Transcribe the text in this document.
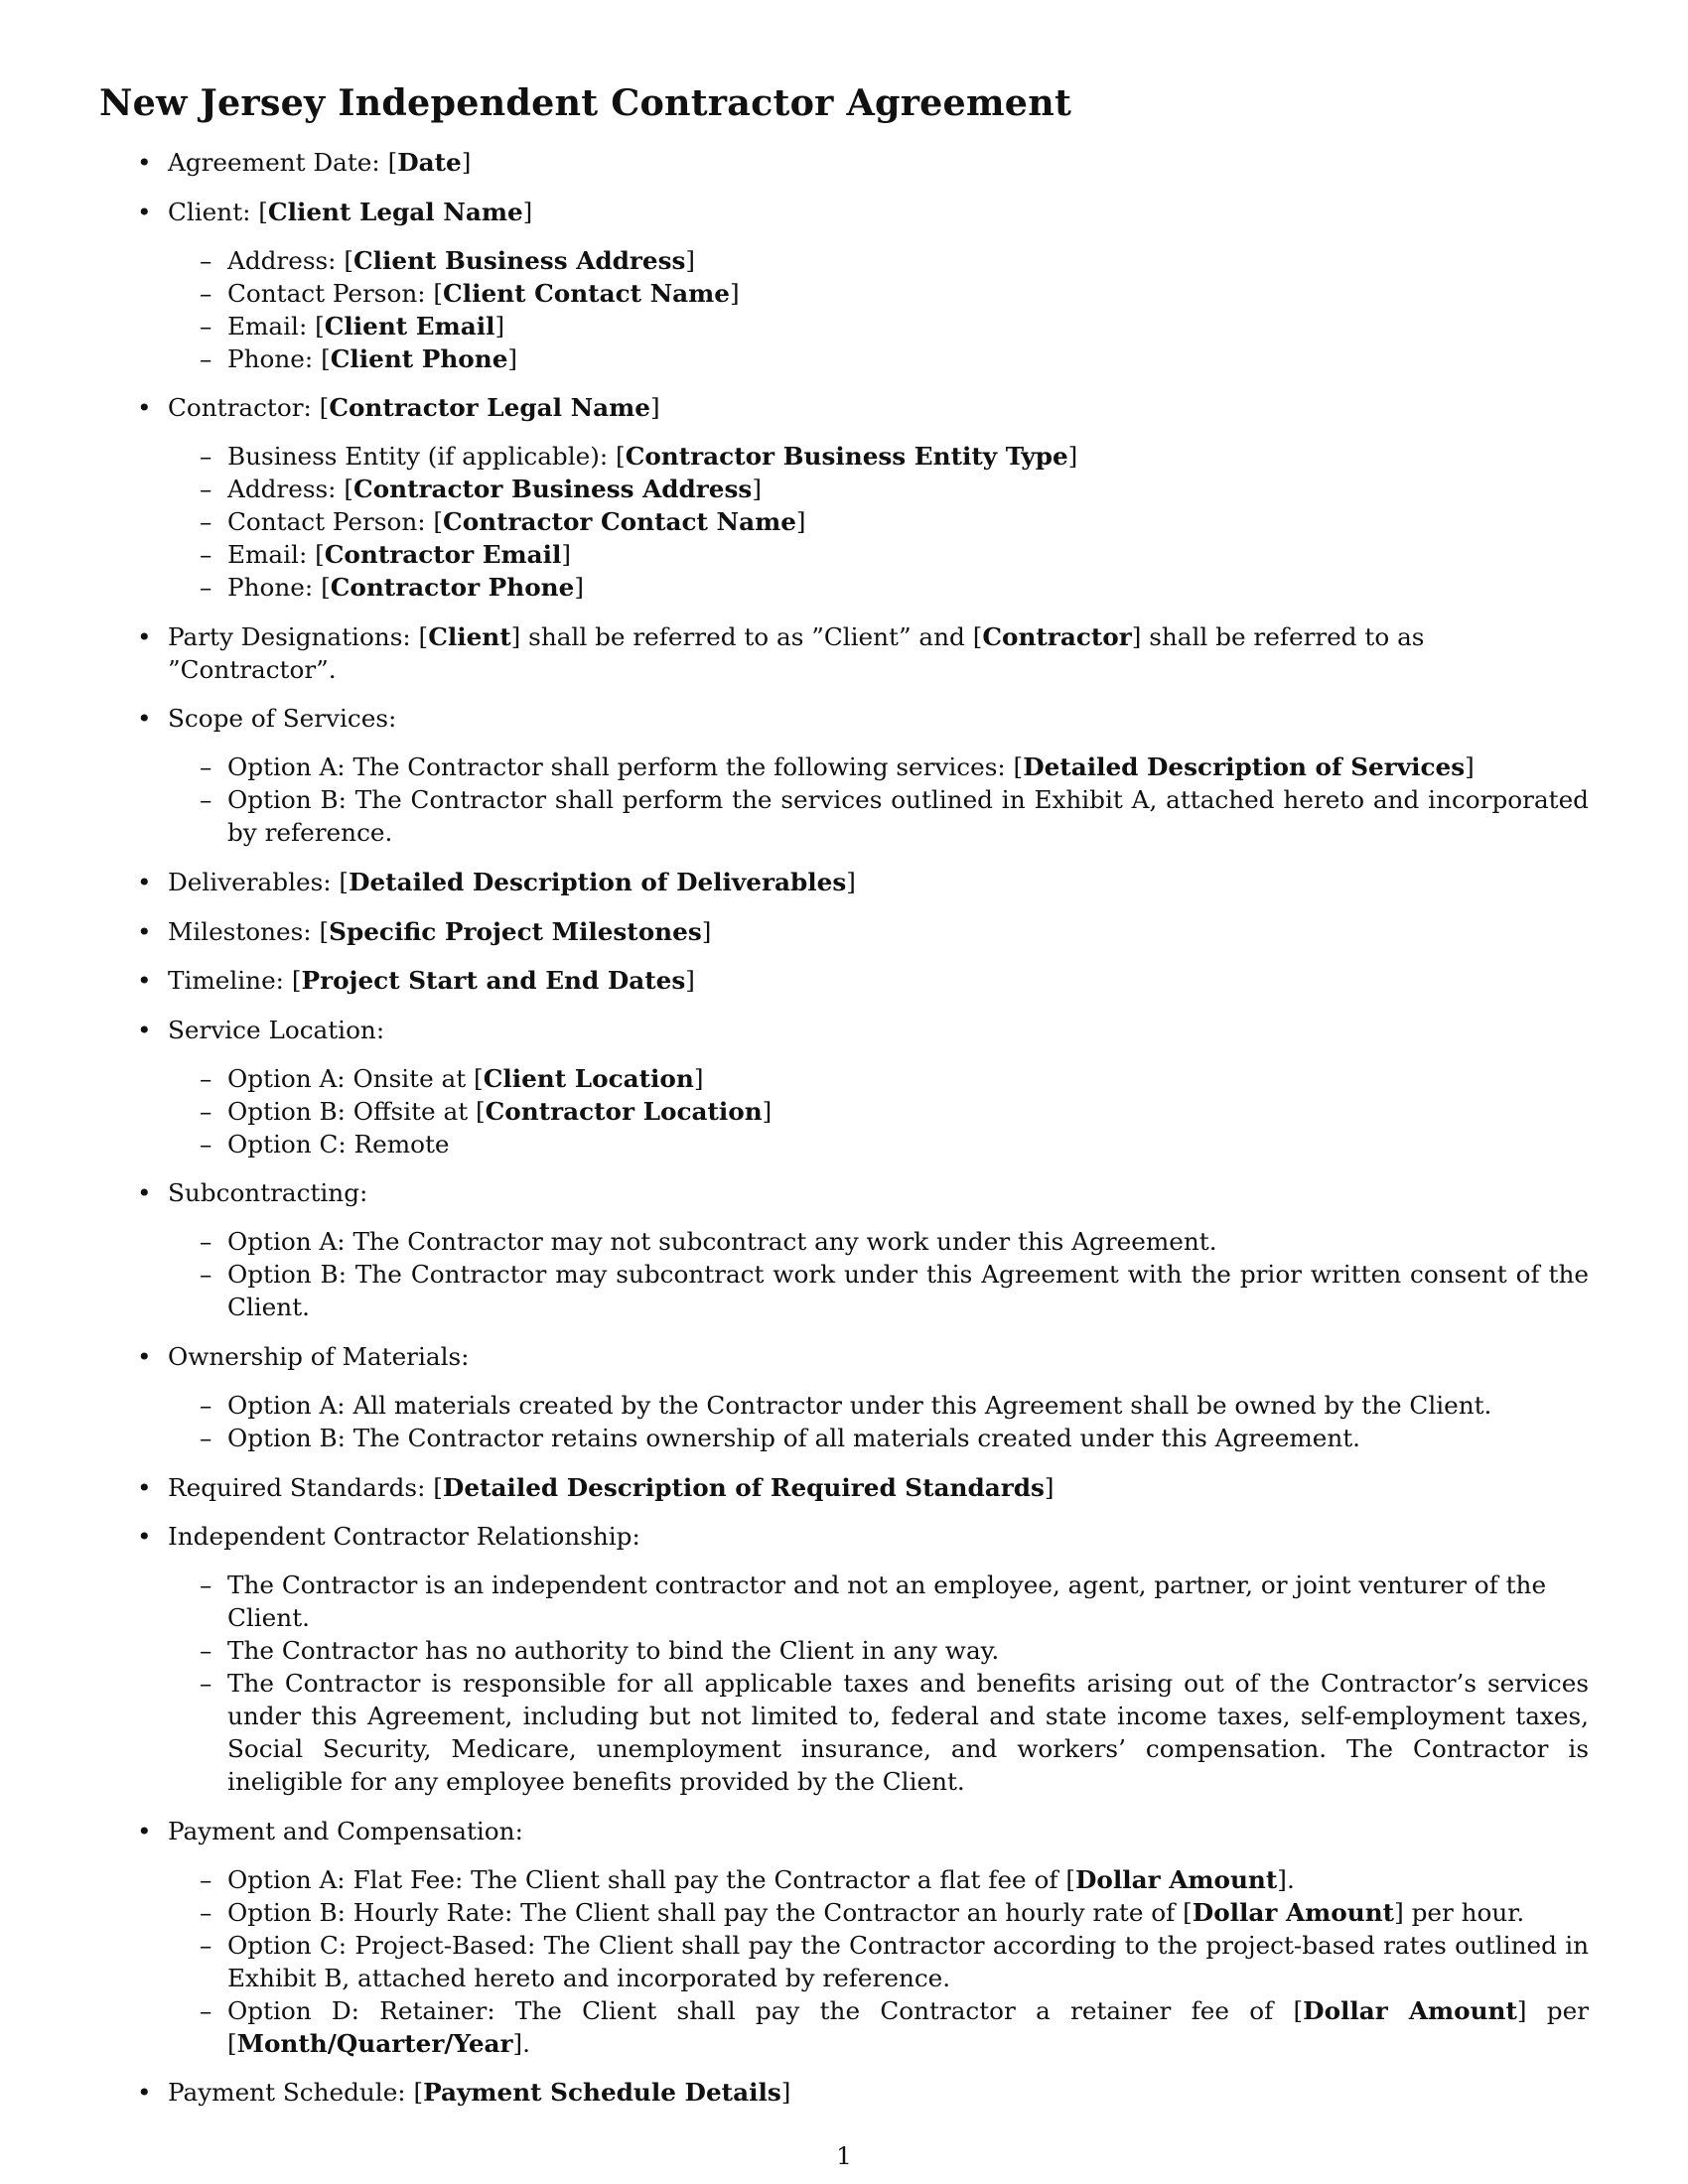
New Jersey Independent Contractor Agreement
• Agreement Date: [Date]
• Client: [Client Legal Name]
– Address: [Client Business Address]
– Contact Person: [Client Contact Name]
– Email: [Client Email]
– Phone: [Client Phone]
• Contractor: [Contractor Legal Name]
– Business Entity (if applicable): [Contractor Business Entity Type]
– Address: [Contractor Business Address]
– Contact Person: [Contractor Contact Name]
– Email: [Contractor Email]
– Phone: [Contractor Phone]
• Party Designations: [Client] shall be referred to as ”Client” and [Contractor] shall be referred to as ”Contractor”.
• Scope of Services:
– Option A: The Contractor shall perform the following services: [Detailed Description of Services]
– Option B: The Contractor shall perform the services outlined in Exhibit A, attached hereto and incorporated by reference.
• Deliverables: [Detailed Description of Deliverables]
• Milestones: [Specific Project Milestones]
• Timeline: [Project Start and End Dates]
• Service Location:
– Option A: Onsite at [Client Location]
– Option B: Offsite at [Contractor Location]
– Option C: Remote
• Subcontracting:
– Option A: The Contractor may not subcontract any work under this Agreement.
– Option B: The Contractor may subcontract work under this Agreement with the prior written consent of the Client.
• Ownership of Materials:
– Option A: All materials created by the Contractor under this Agreement shall be owned by the Client.
– Option B: The Contractor retains ownership of all materials created under this Agreement.
• Required Standards: [Detailed Description of Required Standards]
• Independent Contractor Relationship:
– The Contractor is an independent contractor and not an employee, agent, partner, or joint venturer of the Client.
– The Contractor has no authority to bind the Client in any way.
– The Contractor is responsible for all applicable taxes and benefits arising out of the Contractor’s services under this Agreement, including but not limited to, federal and state income taxes, self-employment taxes, Social Security, Medicare, unemployment insurance, and workers’ compensation. The Contractor is ineligible for any employee benefits provided by the Client.
• Payment and Compensation:
– Option A: Flat Fee: The Client shall pay the Contractor a flat fee of [Dollar Amount].
– Option B: Hourly Rate: The Client shall pay the Contractor an hourly rate of [Dollar Amount] per hour.
– Option C: Project-Based: The Client shall pay the Contractor according to the project-based rates outlined in Exhibit B, attached hereto and incorporated by reference.
– Option D: Retainer: The Client shall pay the Contractor a retainer fee of [Dollar Amount] per [Month/Quarter/Year].
• Payment Schedule: [Payment Schedule Details]
1
